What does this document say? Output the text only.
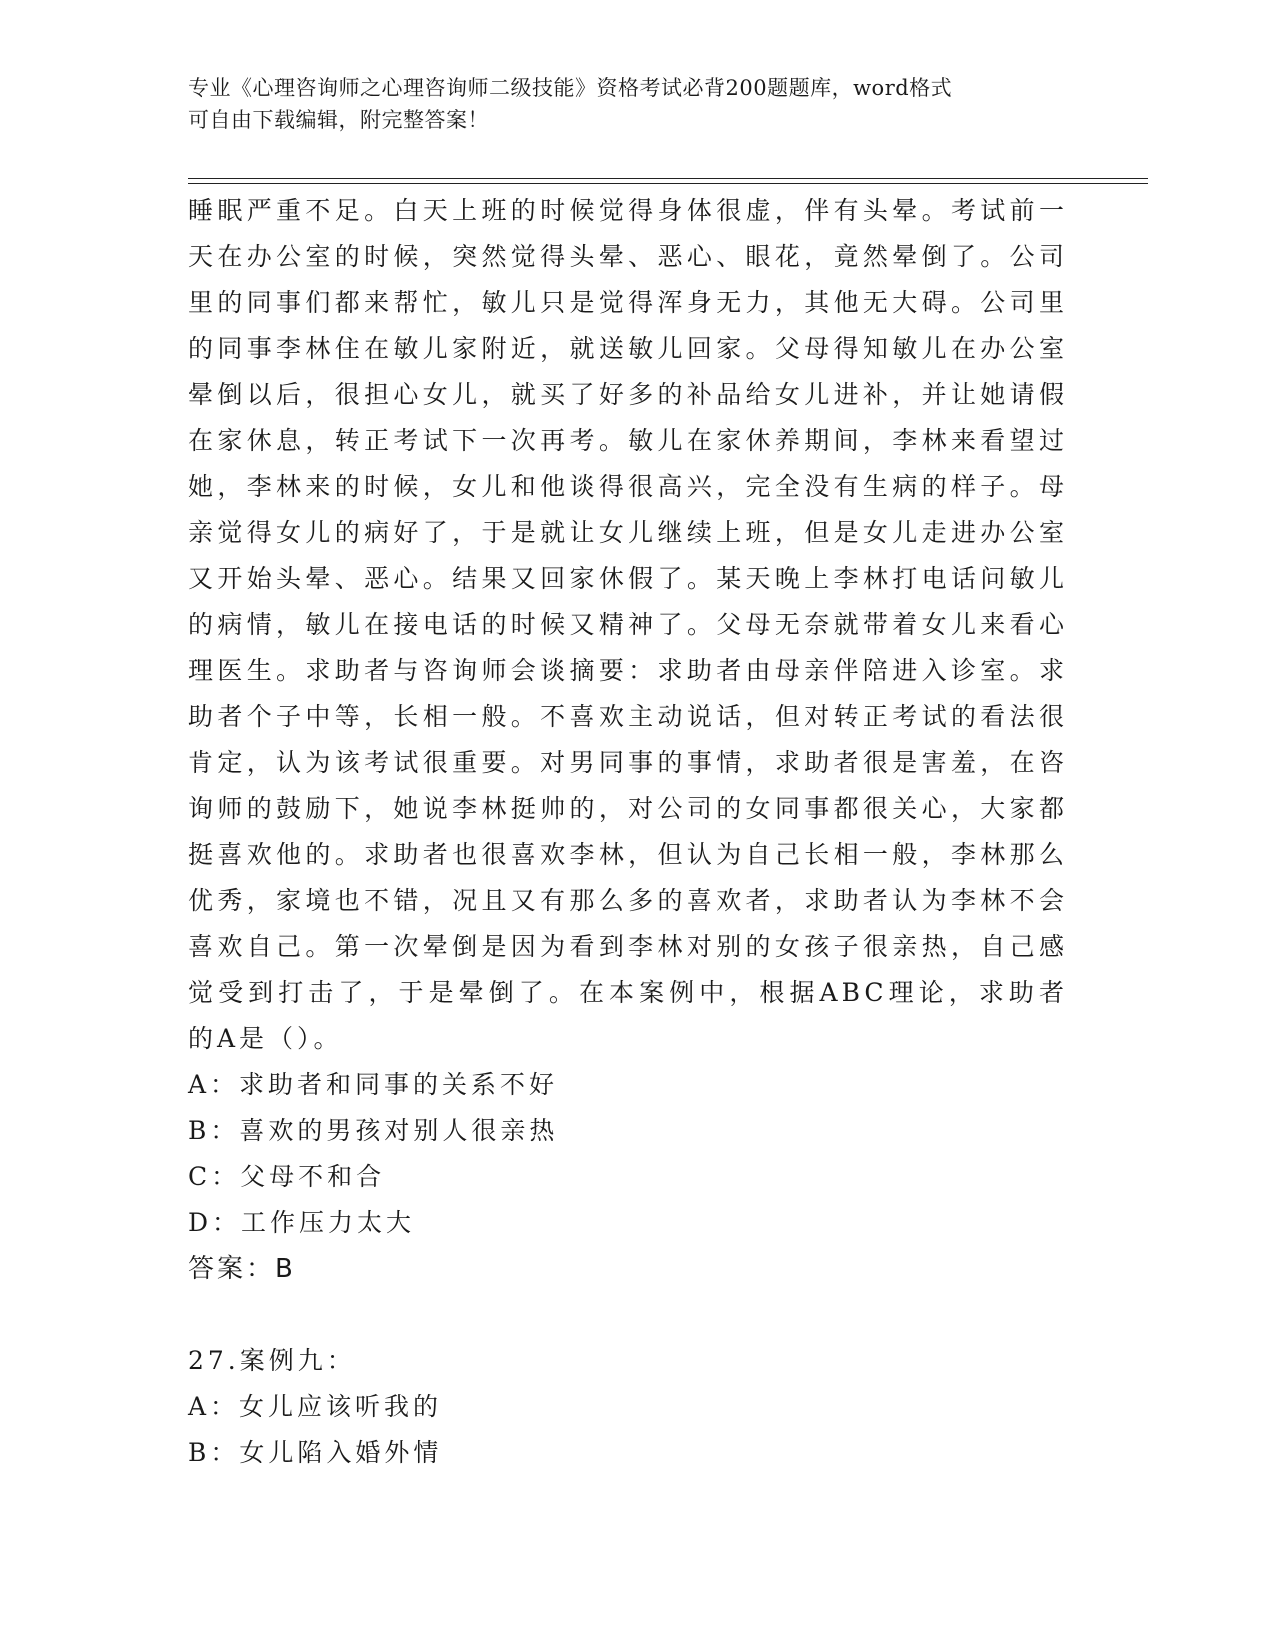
专业《心理咨询师之心理咨询师二级技能》资格考试必背200题题库，word格式
可自由下载编辑，附完整答案！

睡眠严重不足。白天上班的时候觉得身体很虚，伴有头晕。考试前一天在办公室的时候，突然觉得头晕、恶心、眼花，竟然晕倒了。公司里的同事们都来帮忙，敏儿只是觉得浑身无力，其他无大碍。公司里的同事李林住在敏儿家附近，就送敏儿回家。父母得知敏儿在办公室晕倒以后，很担心女儿，就买了好多的补品给女儿进补，并让她请假在家休息，转正考试下一次再考。敏儿在家休养期间，李林来看望过她，李林来的时候，女儿和他谈得很高兴，完全没有生病的样子。母亲觉得女儿的病好了，于是就让女儿继续上班，但是女儿走进办公室又开始头晕、恶心。结果又回家休假了。某天晚上李林打电话问敏儿的病情，敏儿在接电话的时候又精神了。父母无奈就带着女儿来看心理医生。求助者与咨询师会谈摘要：求助者由母亲伴陪进入诊室。求助者个子中等，长相一般。不喜欢主动说话，但对转正考试的看法很肯定，认为该考试很重要。对男同事的事情，求助者很是害羞，在咨询师的鼓励下，她说李林挺帅的，对公司的女同事都很关心，大家都挺喜欢他的。求助者也很喜欢李林，但认为自己长相一般，李林那么优秀，家境也不错，况且又有那么多的喜欢者，求助者认为李林不会喜欢自己。第一次晕倒是因为看到李林对别的女孩子很亲热，自己感觉受到打击了，于是晕倒了。在本案例中，根据ABC理论，求助者的A是（）。

A：求助者和同事的关系不好

B：喜欢的男孩对别人很亲热

C：父母不和合

D：工作压力太大

答案：B

27.案例九：

A：女儿应该听我的

B：女儿陷入婚外情
